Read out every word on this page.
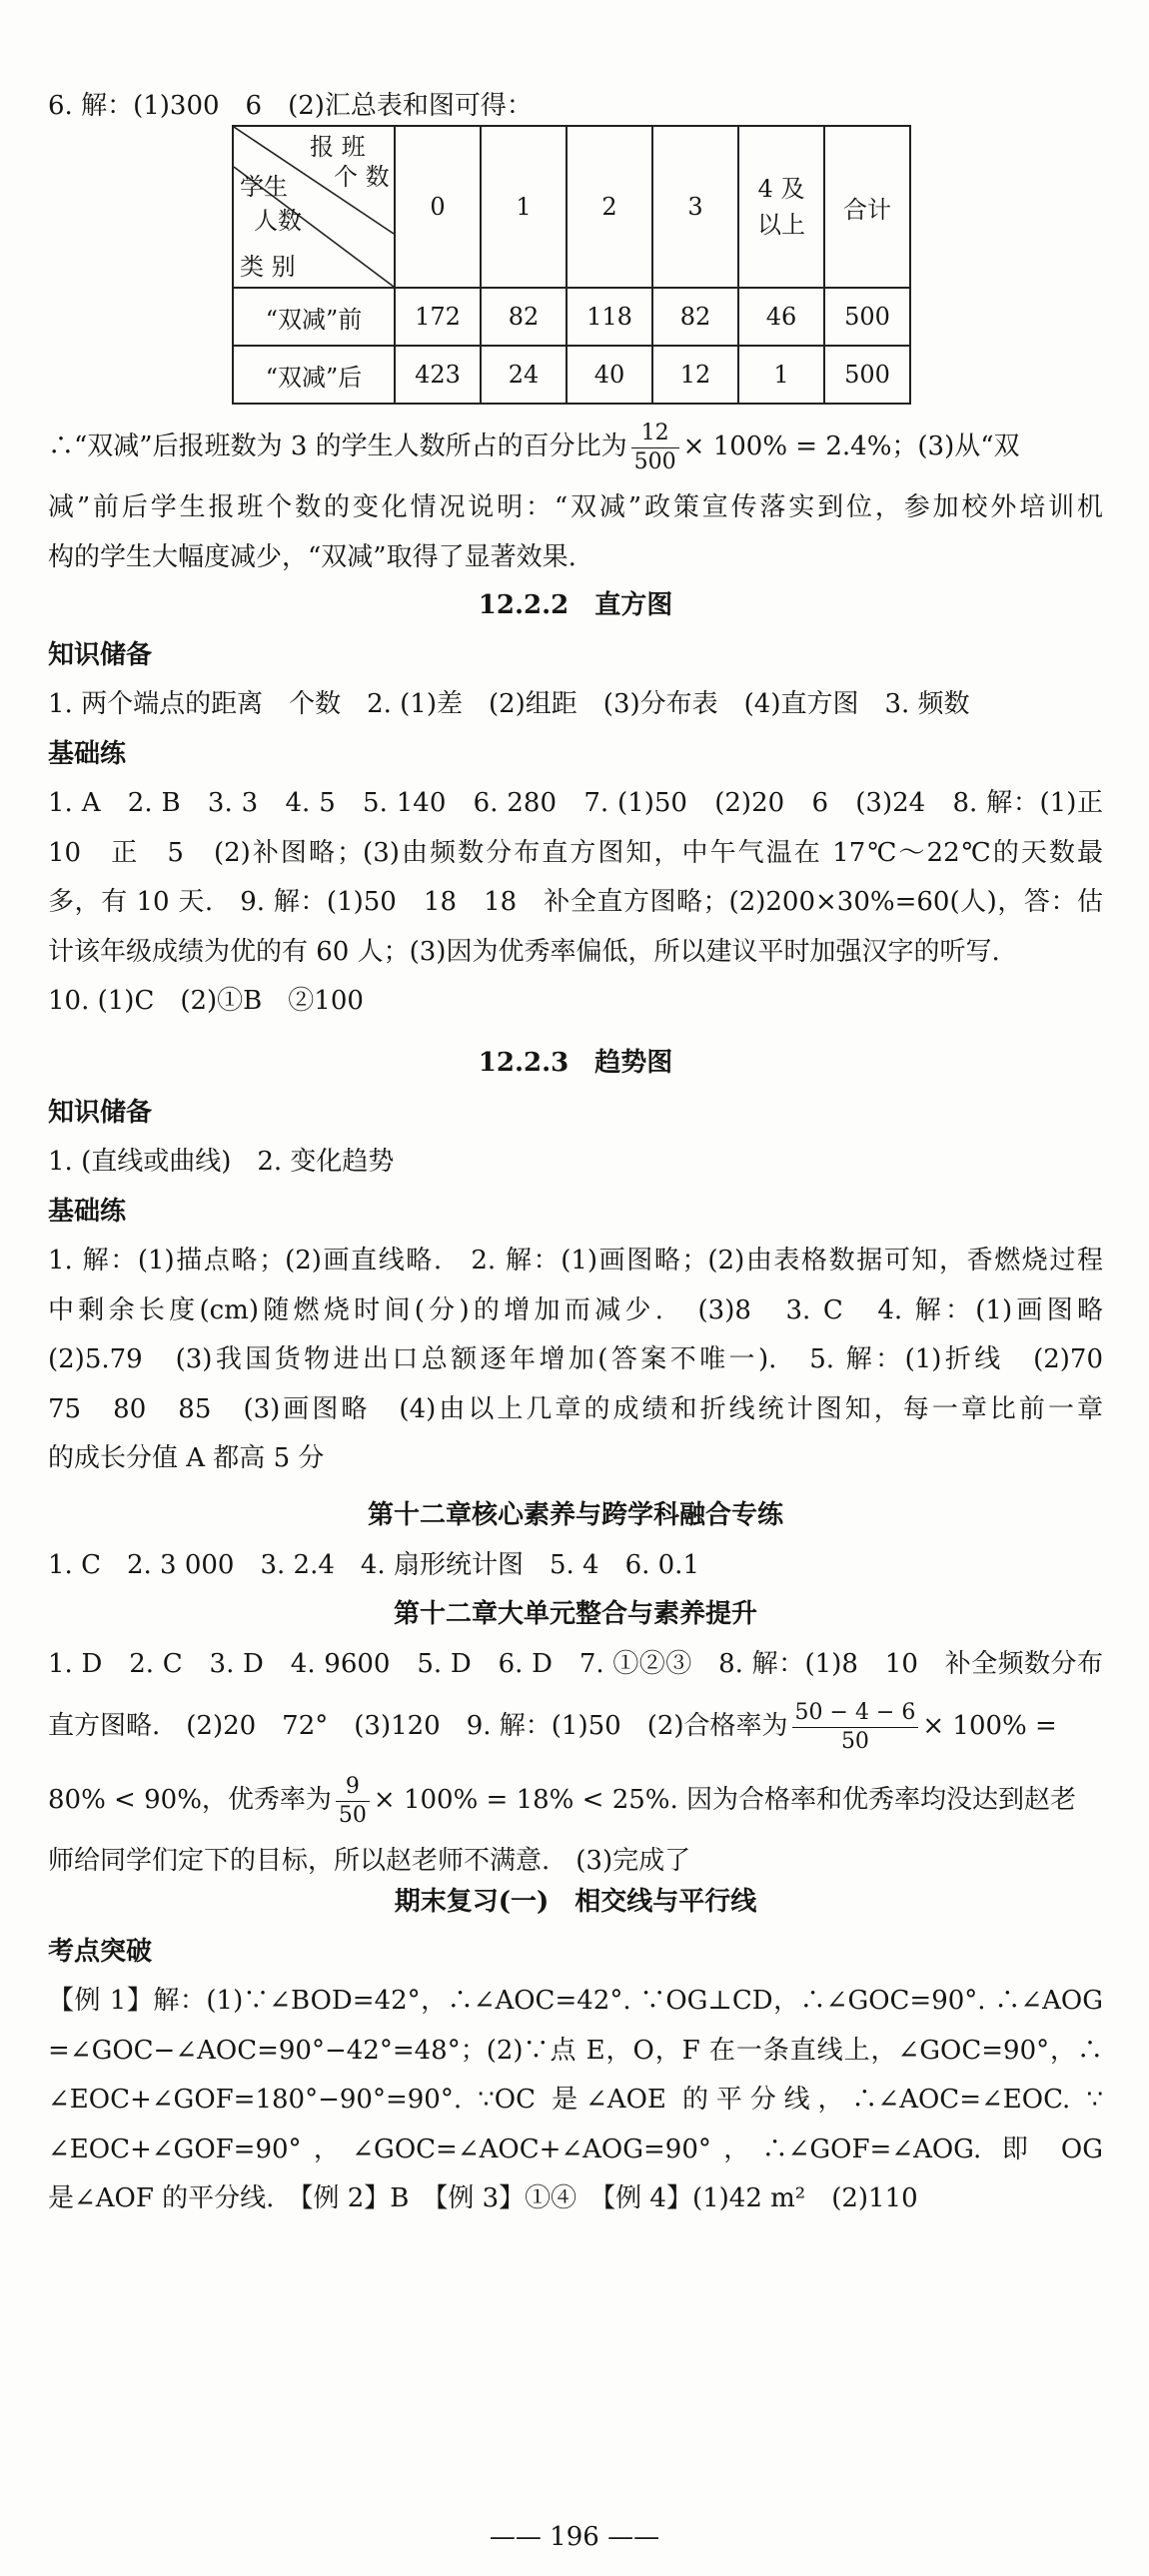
6. 解：(1)300　6　(2)汇总表和图可得：
报 班
个 数
学生
人数
类 别	0	1	2	3	4 及以上	合计
“双减”前	172	82	118	82	46	500
“双减”后	423	24	40	12	1	500
∴“双减”后报班数为 3 的学生人数所占的百分比为 $\frac{12}{500} \times 100\% = 2.4\%$；(3)从“双
减”前后学生报班个数的变化情况说明：“双减”政策宣传落实到位，参加校外培训机
构的学生大幅度减少，“双减”取得了显著效果.
12.2.2　直方图
知识储备
1. 两个端点的距离　个数　2. (1)差　(2)组距　(3)分布表　(4)直方图　3. 频数
基础练
1. A　2. B　3. 3　4. 5　5. 140　6. 280　7. (1)50　(2)20　6　(3)24　8. 解：(1)正
10　正　5　(2)补图略；(3)由频数分布直方图知，中午气温在 17℃～22℃的天数最
多，有 10 天.　9. 解：(1)50　18　18　补全直方图略；(2)200×30%=60(人)，答：估
计该年级成绩为优的有 60 人；(3)因为优秀率偏低，所以建议平时加强汉字的听写.
10. (1)C　(2)①B　②100
12.2.3　趋势图
知识储备
1. (直线或曲线)　2. 变化趋势
基础练
1. 解：(1)描点略；(2)画直线略.　2. 解：(1)画图略；(2)由表格数据可知，香燃烧过程
中剩余长度(cm)随燃烧时间(分)的增加而减少.　(3)8　3. C　4. 解：(1)画图略
(2)5.79　(3)我国货物进出口总额逐年增加(答案不唯一).　5. 解：(1)折线　(2)70
75　80　85　(3)画图略　(4)由以上几章的成绩和折线统计图知，每一章比前一章
的成长分值 A 都高 5 分
第十二章核心素养与跨学科融合专练
1. C　2. 3 000　3. 2.4　4. 扇形统计图　5. 4　6. 0.1
第十二章大单元整合与素养提升
1. D　2. C　3. D　4. 9600　5. D　6. D　7. ①②③　8. 解：(1)8　10　补全频数分布
直方图略.　(2)20　72°　(3)120　9. 解：(1)50　(2)合格率为 $\frac{50 - 4 - 6}{50} \times 100\%$ =
80% < 90%，优秀率为 $\frac{9}{50} \times 100\% = 18\% < 25\%$. 因为合格率和优秀率均没达到赵老
师给同学们定下的目标，所以赵老师不满意.　(3)完成了
期末复习(一)　相交线与平行线
考点突破
【例 1】解：(1)∵∠BOD=42°，∴∠AOC=42°. ∵OG⊥CD，∴∠GOC=90°. ∴∠AOG
=∠GOC−∠AOC=90°−42°=48°；(2)∵点 E，O，F 在一条直线上，∠GOC=90°，∴
∠EOC+∠GOF=180°−90°=90°. ∵OC 是∠AOE 的平分线，∴∠AOC=∠EOC. ∵
∠EOC+∠GOF=90°，∠GOC=∠AOC+∠AOG=90°，∴∠GOF=∠AOG. 即 OG
是∠AOF 的平分线.　【例 2】B　【例 3】①④　【例 4】(1)42 m²　(2)110
—— 196 ——
